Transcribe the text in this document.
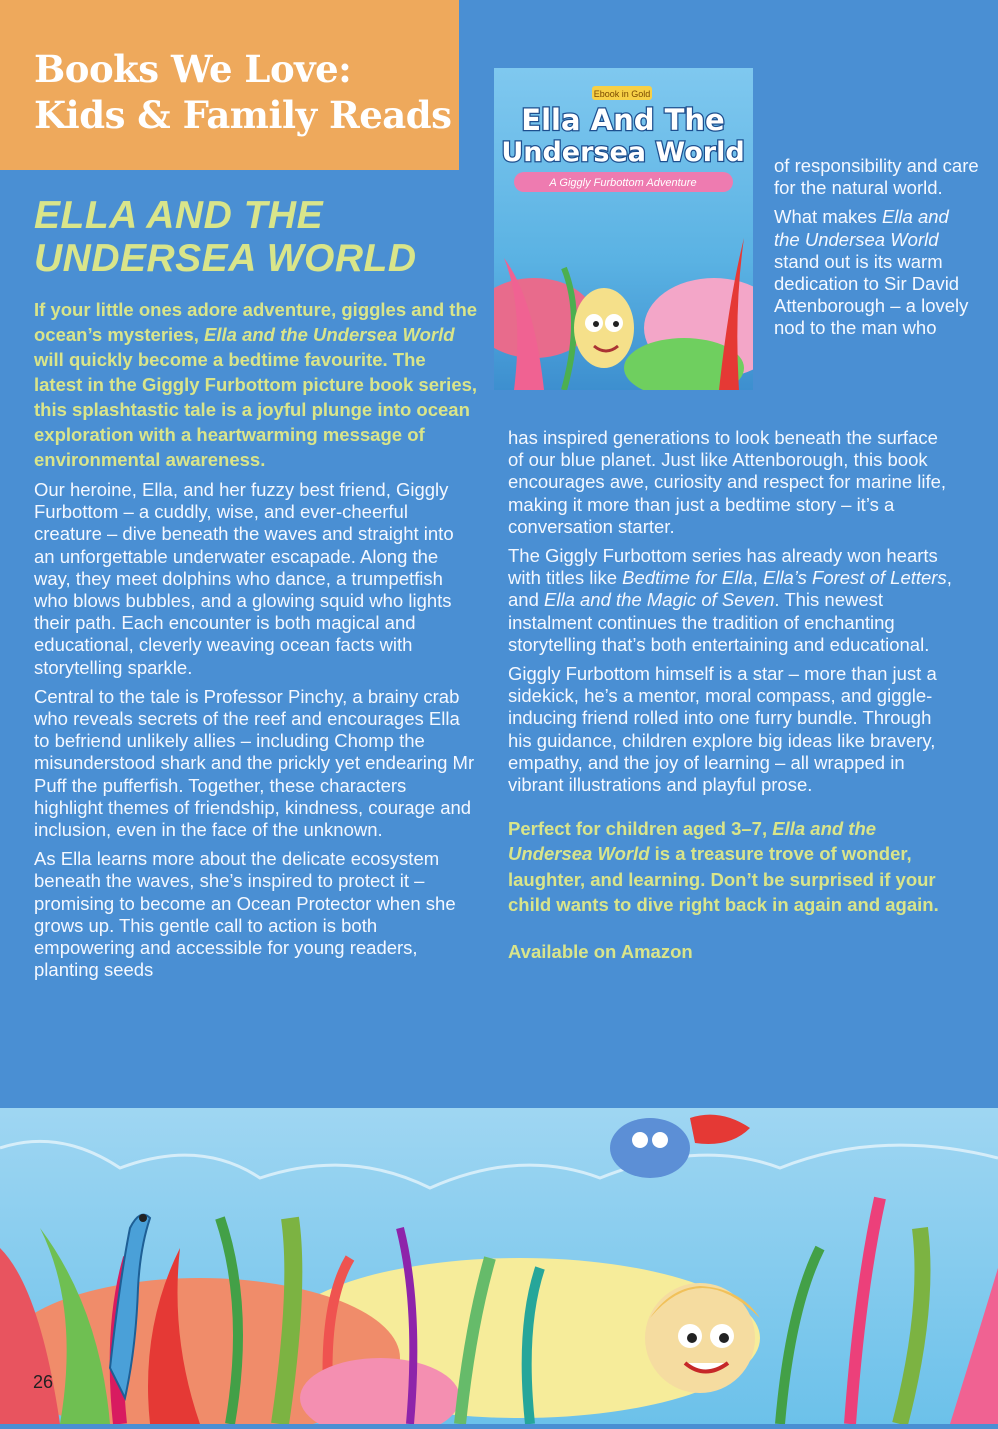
Books We Love:
Kids & Family Reads
ELLA AND THE UNDERSEA WORLD

If your little ones adore adventure, giggles and the ocean’s mysteries, Ella and the Undersea World will quickly become a bedtime favourite. The latest in the Giggly Furbottom picture book series, this splashtastic tale is a joyful plunge into ocean exploration with a heartwarming message of environmental awareness.

Our heroine, Ella, and her fuzzy best friend, Giggly Furbottom – a cuddly, wise, and ever-cheerful creature – dive beneath the waves and straight into an unforgettable underwater escapade. Along the way, they meet dolphins who dance, a trumpetfish who blows bubbles, and a glowing squid who lights their path. Each encounter is both magical and educational, cleverly weaving ocean facts with storytelling sparkle.

Central to the tale is Professor Pinchy, a brainy crab who reveals secrets of the reef and encourages Ella to befriend unlikely allies – including Chomp the misunderstood shark and the prickly yet endearing Mr Puff the pufferfish. Together, these characters highlight themes of friendship, kindness, courage and inclusion, even in the face of the unknown.

As Ella learns more about the delicate ecosystem beneath the waves, she’s inspired to protect it – promising to become an Ocean Protector when she grows up. This gentle call to action is both empowering and accessible for young readers, planting seeds

Ebook in Gold
Ella And The
Undersea World
A Giggly Furbottom Adventure

of responsibility and care for the natural world.

What makes Ella and the Undersea World stand out is its warm dedication to Sir David Attenborough – a lovely nod to the man who

has inspired generations to look beneath the surface of our blue planet. Just like Attenborough, this book encourages awe, curiosity and respect for marine life, making it more than just a bedtime story – it’s a conversation starter.

The Giggly Furbottom series has already won hearts with titles like Bedtime for Ella, Ella’s Forest of Letters, and Ella and the Magic of Seven. This newest instalment continues the tradition of enchanting storytelling that’s both entertaining and educational.

Giggly Furbottom himself is a star – more than just a sidekick, he’s a mentor, moral compass, and giggle-inducing friend rolled into one furry bundle. Through his guidance, children explore big ideas like bravery, empathy, and the joy of learning – all wrapped in vibrant illustrations and playful prose.

Perfect for children aged 3–7, Ella and the Undersea World is a treasure trove of wonder, laughter, and learning. Don’t be surprised if your child wants to dive right back in again and again.

Available on Amazon

26
